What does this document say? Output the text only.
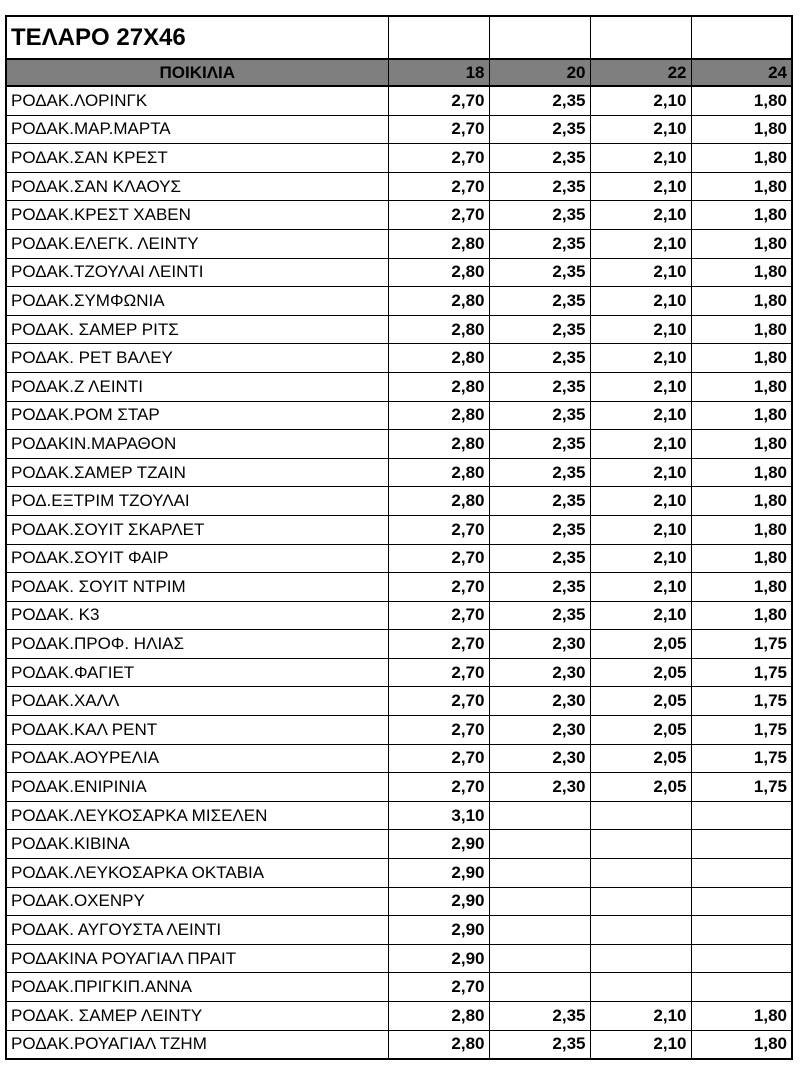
ΤΕΛΑΡΟ 27Χ46				
ΠΟΙΚΙΛΙΑ	18	20	22	24
ΡΟΔΑΚ.ΛΟΡΙΝΓΚ	2,70	2,35	2,10	1,80
ΡΟΔΑΚ.ΜΑΡ.ΜΑΡΤΑ	2,70	2,35	2,10	1,80
ΡΟΔΑΚ.ΣΑΝ ΚΡΕΣΤ	2,70	2,35	2,10	1,80
ΡΟΔΑΚ.ΣΑΝ ΚΛΑΟΥΣ	2,70	2,35	2,10	1,80
ΡΟΔΑΚ.ΚΡΕΣΤ ΧΑΒΕΝ	2,70	2,35	2,10	1,80
ΡΟΔΑΚ.ΕΛΕΓΚ. ΛΕΙΝΤΥ	2,80	2,35	2,10	1,80
ΡΟΔΑΚ.ΤΖΟΥΛΑΙ ΛΕΙΝΤΙ	2,80	2,35	2,10	1,80
ΡΟΔΑΚ.ΣΥΜΦΩΝΙΑ	2,80	2,35	2,10	1,80
ΡΟΔΑΚ. ΣΑΜΕΡ ΡΙΤΣ	2,80	2,35	2,10	1,80
ΡΟΔΑΚ. ΡΕΤ ΒΑΛΕΥ	2,80	2,35	2,10	1,80
ΡΟΔΑΚ.Ζ ΛΕΙΝΤΙ	2,80	2,35	2,10	1,80
ΡΟΔΑΚ.ΡΟΜ ΣΤΑΡ	2,80	2,35	2,10	1,80
ΡΟΔΑΚΙΝ.ΜΑΡΑΘΟΝ	2,80	2,35	2,10	1,80
ΡΟΔΑΚ.ΣΑΜΕΡ ΤΖΑΙΝ	2,80	2,35	2,10	1,80
ΡΟΔ.ΕΞΤΡΙΜ ΤΖΟΥΛΑΙ	2,80	2,35	2,10	1,80
ΡΟΔΑΚ.ΣΟΥΙΤ ΣΚΑΡΛΕΤ	2,70	2,35	2,10	1,80
ΡΟΔΑΚ.ΣΟΥΙΤ ΦΑΙΡ	2,70	2,35	2,10	1,80
ΡΟΔΑΚ. ΣΟΥΙΤ ΝΤΡΙΜ	2,70	2,35	2,10	1,80
ΡΟΔΑΚ. Κ3	2,70	2,35	2,10	1,80
ΡΟΔΑΚ.ΠΡΟΦ. ΗΛΙΑΣ	2,70	2,30	2,05	1,75
ΡΟΔΑΚ.ΦΑΓΙΕΤ	2,70	2,30	2,05	1,75
ΡΟΔΑΚ.ΧΑΛΛ	2,70	2,30	2,05	1,75
ΡΟΔΑΚ.ΚΑΛ ΡΕΝΤ	2,70	2,30	2,05	1,75
ΡΟΔΑΚ.ΑΟΥΡΕΛΙΑ	2,70	2,30	2,05	1,75
ΡΟΔΑΚ.ΕΝΙΡΙΝΙΑ	2,70	2,30	2,05	1,75
ΡΟΔΑΚ.ΛΕΥΚΟΣΑΡΚΑ ΜΙΣΕΛΕΝ	3,10			
ΡΟΔΑΚ.ΚΙΒΙΝΑ	2,90			
ΡΟΔΑΚ.ΛΕΥΚΟΣΑΡΚΑ ΟΚΤΑΒΙΑ	2,90			
ΡΟΔΑΚ.ΟΧΕΝΡΥ	2,90			
ΡΟΔΑΚ. ΑΥΓΟΥΣΤΑ ΛΕΙΝΤΙ	2,90			
ΡΟΔΑΚΙΝΑ ΡΟΥΑΓΙΑΛ ΠΡΑΙΤ	2,90			
ΡΟΔΑΚ.ΠΡΙΓΚΙΠ.ΑΝΝΑ	2,70			
ΡΟΔΑΚ. ΣΑΜΕΡ ΛΕΙΝΤΥ	2,80	2,35	2,10	1,80
ΡΟΔΑΚ.ΡΟΥΑΓΙΑΛ ΤΖΗΜ	2,80	2,35	2,10	1,80
